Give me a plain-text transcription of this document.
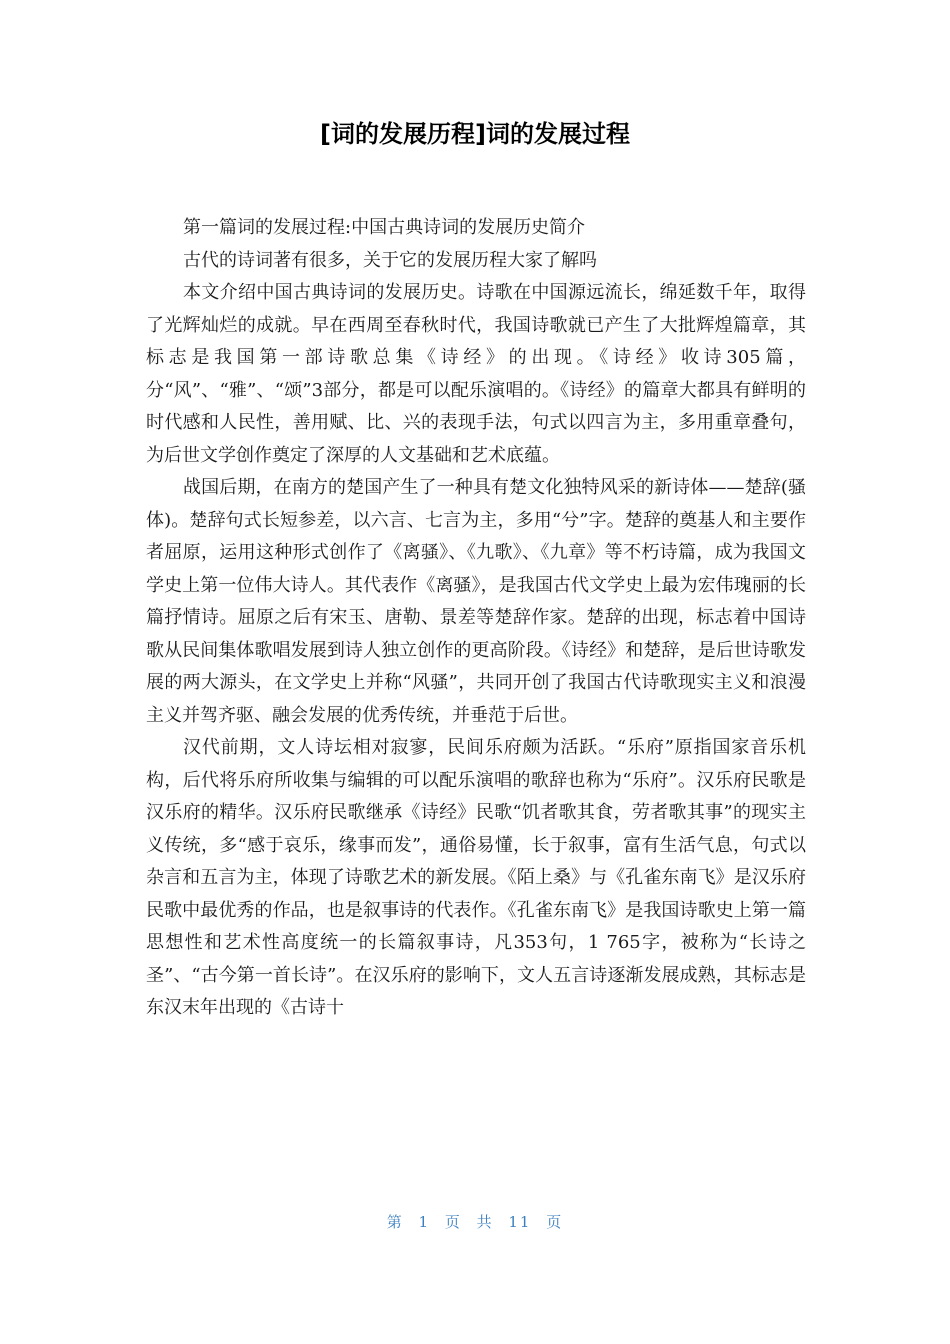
[词的发展历程]词的发展过程

第一篇词的发展过程:中国古典诗词的发展历史简介

古代的诗词著有很多，关于它的发展历程大家了解吗

本文介绍中国古典诗词的发展历史。诗歌在中国源远流长，绵延数千年，取得了光辉灿烂的成就。早在西周至春秋时代，我国诗歌就已产生了大批辉煌篇章，其标志是我国第一部诗歌总集《诗经》的出现。《诗经》收诗305篇，分“风”、“雅”、“颂”3部分，都是可以配乐演唱的。《诗经》的篇章大都具有鲜明的时代感和人民性，善用赋、比、兴的表现手法，句式以四言为主，多用重章叠句，为后世文学创作奠定了深厚的人文基础和艺术底蕴。

战国后期，在南方的楚国产生了一种具有楚文化独特风采的新诗体——楚辞(骚体)。楚辞句式长短参差，以六言、七言为主，多用“兮”字。楚辞的奠基人和主要作者屈原，运用这种形式创作了《离骚》、《九歌》、《九章》等不朽诗篇，成为我国文学史上第一位伟大诗人。其代表作《离骚》，是我国古代文学史上最为宏伟瑰丽的长篇抒情诗。屈原之后有宋玉、唐勒、景差等楚辞作家。楚辞的出现，标志着中国诗歌从民间集体歌唱发展到诗人独立创作的更高阶段。《诗经》和楚辞，是后世诗歌发展的两大源头，在文学史上并称“风骚”，共同开创了我国古代诗歌现实主义和浪漫主义并驾齐驱、融会发展的优秀传统，并垂范于后世。

汉代前期，文人诗坛相对寂寥，民间乐府颇为活跃。“乐府”原指国家音乐机构，后代将乐府所收集与编辑的可以配乐演唱的歌辞也称为“乐府”。汉乐府民歌是汉乐府的精华。汉乐府民歌继承《诗经》民歌“饥者歌其食，劳者歌其事”的现实主义传统，多“感于哀乐，缘事而发”，通俗易懂，长于叙事，富有生活气息，句式以杂言和五言为主，体现了诗歌艺术的新发展。《陌上桑》与《孔雀东南飞》是汉乐府民歌中最优秀的作品，也是叙事诗的代表作。《孔雀东南飞》是我国诗歌史上第一篇思想性和艺术性高度统一的长篇叙事诗，凡353句，1 765字，被称为“长诗之圣”、“古今第一首长诗”。在汉乐府的影响下，文人五言诗逐渐发展成熟，其标志是东汉末年出现的《古诗十

第 1 页 共 11 页
